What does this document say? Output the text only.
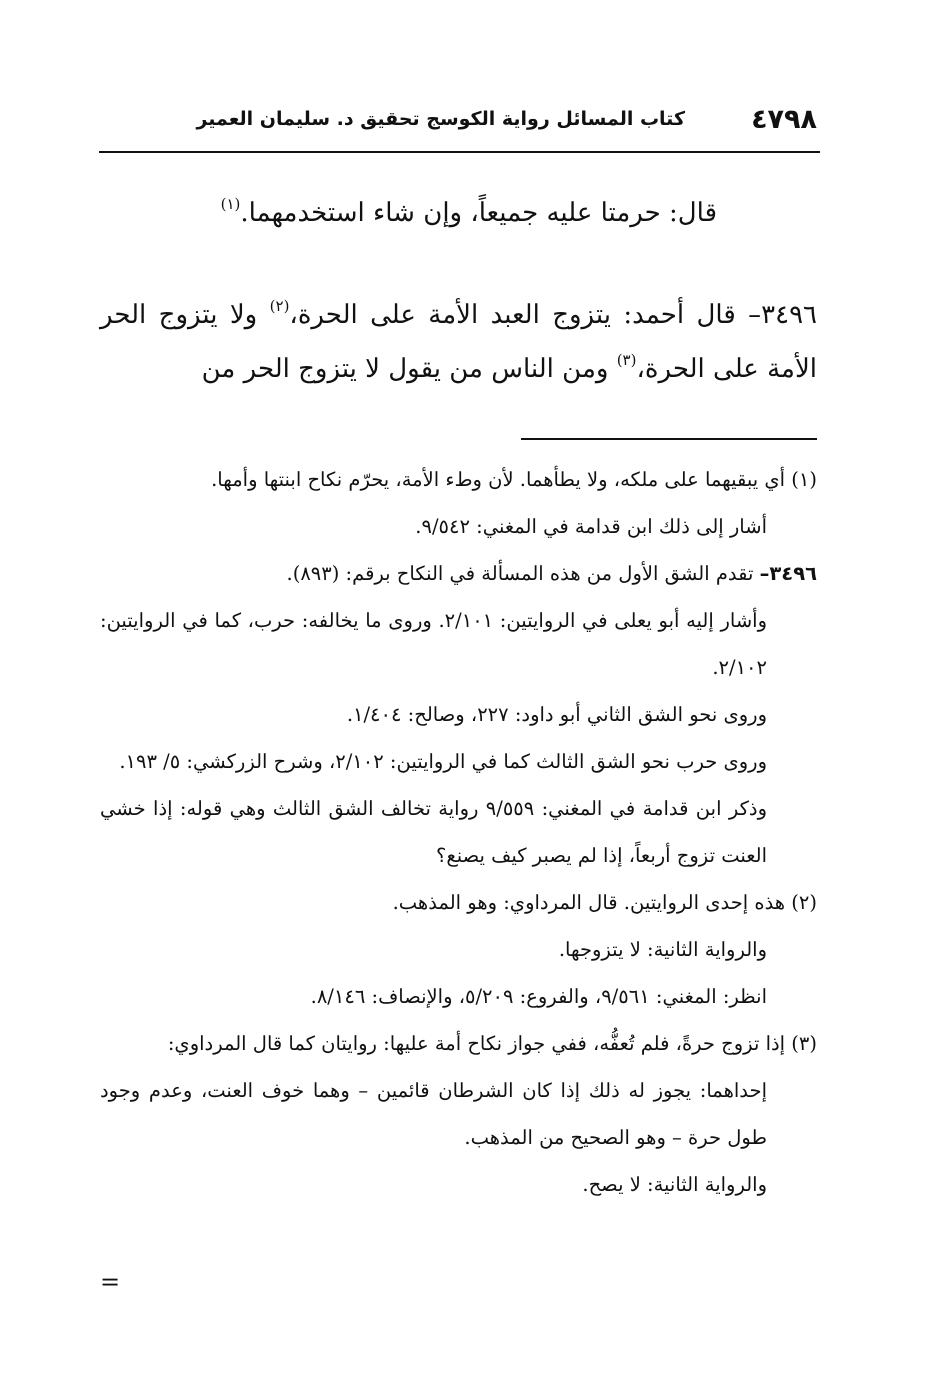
٤٧٩٨
كتاب المسائل رواية الكوسج تحقيق د. سليمان العمير
قال: حرمتا عليه جميعاً، وإن شاء استخدمهما.$^{(١)}$

٣٤٩٦– قال أحمد: يتزوج العبد الأمة على الحرة،$^{(٢)}$ ولا يتزوج الحر الأمة على الحرة،$^{(٣)}$ ومن الناس من يقول لا يتزوج الحر من

(١) أي يبقيهما على ملكه، ولا يطأهما. لأن وطء الأمة، يحرّم نكاح ابنتها وأمها.

أشار إلى ذلك ابن قدامة في المغني: ٩/٥٤٢.

٣٤٩٦– تقدم الشق الأول من هذه المسألة في النكاح برقم: (٨٩٣).

وأشار إليه أبو يعلى في الروايتين: ٢/١٠١. وروى ما يخالفه: حرب، كما في الروايتين: ٢/١٠٢.

وروى نحو الشق الثاني أبو داود: ٢٢٧، وصالح: ١/٤٠٤.

وروى حرب نحو الشق الثالث كما في الروايتين: ٢/١٠٢، وشرح الزركشي: ٥/ ١٩٣.

وذكر ابن قدامة في المغني: ٩/٥٥٩ رواية تخالف الشق الثالث وهي قوله: إذا خشي العنت تزوج أربعاً، إذا لم يصبر كيف يصنع؟

(٢) هذه إحدى الروايتين. قال المرداوي: وهو المذهب.

والرواية الثانية: لا يتزوجها.

انظر: المغني: ٩/٥٦١، والفروع: ٥/٢٠٩، والإنصاف: ٨/١٤٦.

(٣) إذا تزوج حرةً، فلم تُعفُّه، ففي جواز نكاح أمة عليها: روايتان كما قال المرداوي:

إحداهما: يجوز له ذلك إذا كان الشرطان قائمين – وهما خوف العنت، وعدم وجود طول حرة – وهو الصحيح من المذهب.

والرواية الثانية: لا يصح.

=
